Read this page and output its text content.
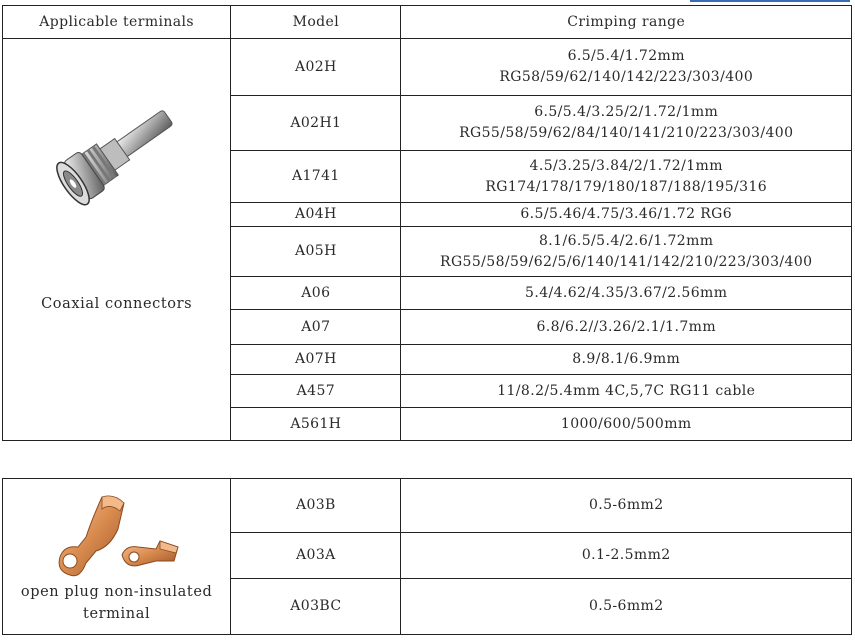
Applicable terminals	Model	Crimping range

Coaxial connectors	A02H	6.5/5.4/1.72mm
RG58/59/62/140/142/223/303/400

	A02H1	6.5/5.4/3.25/2/1.72/1mm
RG55/58/59/62/84/140/141/210/223/303/400

	A1741	4.5/3.25/3.84/2/1.72/1mm
RG174/178/179/180/187/188/195/316

	A04H	6.5/5.46/4.75/3.46/1.72 RG6

	A05H	8.1/6.5/5.4/2.6/1.72mm
RG55/58/59/62/5/6/140/141/142/210/223/303/400

	A06	5.4/4.62/4.35/3.67/2.56mm

	A07	6.8/6.2//3.26/2.1/1.7mm

	A07H	8.9/8.1/6.9mm

	A457	11/8.2/5.4mm 4C,5,7C RG11 cable

	A561H	1000/600/500mm
open plug non-insulated terminal	A03B	0.5-6mm2

	A03A	0.1-2.5mm2

	A03BC	0.5-6mm2
